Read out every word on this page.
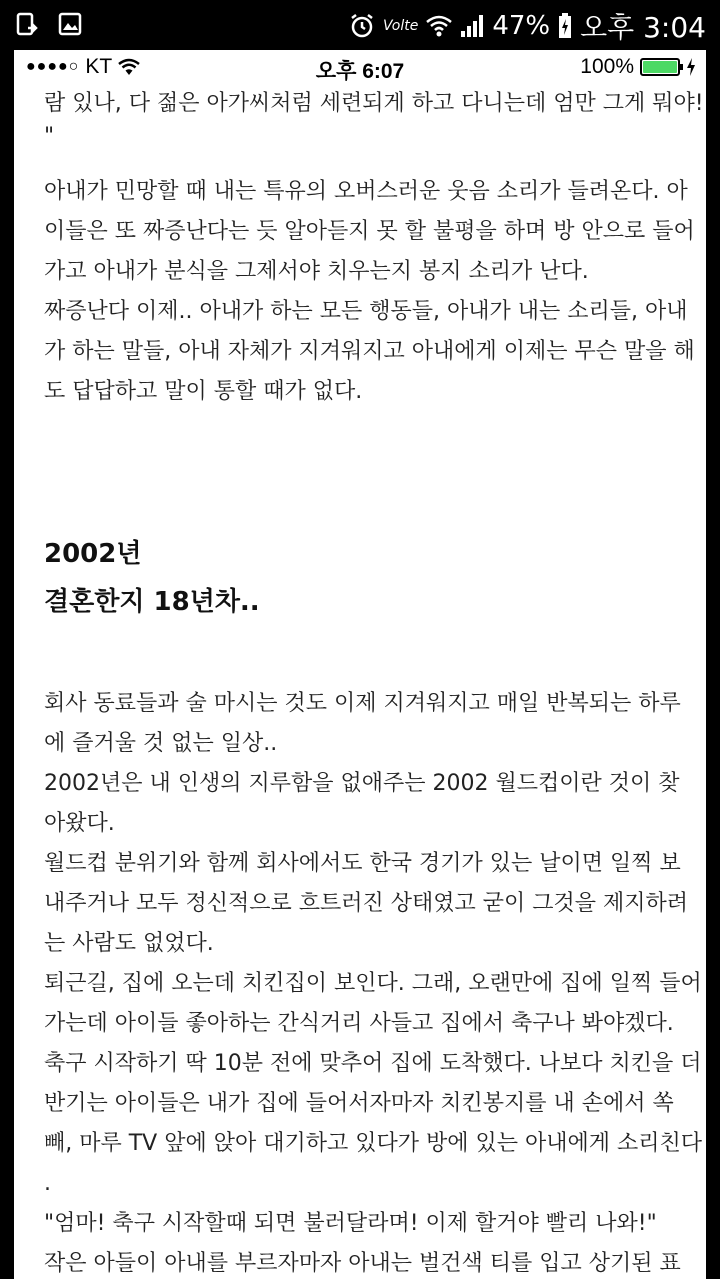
Volte	47% 오후 3:04
●●●●○ KT	오후 6:07	100%
람 있나, 다 젊은 아가씨처럼 세련되게 하고 다니는데 엄만 그게 뭐야!
"
아내가 민망할 때 내는 특유의 오버스러운 웃음 소리가 들려온다. 아
이들은 또 짜증난다는 듯 알아듣지 못 할 불평을 하며 방 안으로 들어
가고 아내가 분식을 그제서야 치우는지 봉지 소리가 난다.
짜증난다 이제.. 아내가 하는 모든 행동들, 아내가 내는 소리들, 아내
가 하는 말들, 아내 자체가 지겨워지고 아내에게 이제는 무슨 말을 해
도 답답하고 말이 통할 때가 없다.
2002년
결혼한지 18년차..
회사 동료들과 술 마시는 것도 이제 지겨워지고 매일 반복되는 하루
에 즐거울 것 없는 일상..
2002년은 내 인생의 지루함을 없애주는 2002 월드컵이란 것이 찾
아왔다.
월드컵 분위기와 함께 회사에서도 한국 경기가 있는 날이면 일찍 보
내주거나 모두 정신적으로 흐트러진 상태였고 굳이 그것을 제지하려
는 사람도 없었다.
퇴근길, 집에 오는데 치킨집이 보인다. 그래, 오랜만에 집에 일찍 들어
가는데 아이들 좋아하는 간식거리 사들고 집에서 축구나 봐야겠다.
축구 시작하기 딱 10분 전에 맞추어 집에 도착했다. 나보다 치킨을 더
반기는 아이들은 내가 집에 들어서자마자 치킨봉지를 내 손에서 쏙
빼, 마루 TV 앞에 앉아 대기하고 있다가 방에 있는 아내에게 소리친다
.
"엄마! 축구 시작할때 되면 불러달라며! 이제 할거야 빨리 나와!"
작은 아들이 아내를 부르자마자 아내는 벌건색 티를 입고 상기된 표
